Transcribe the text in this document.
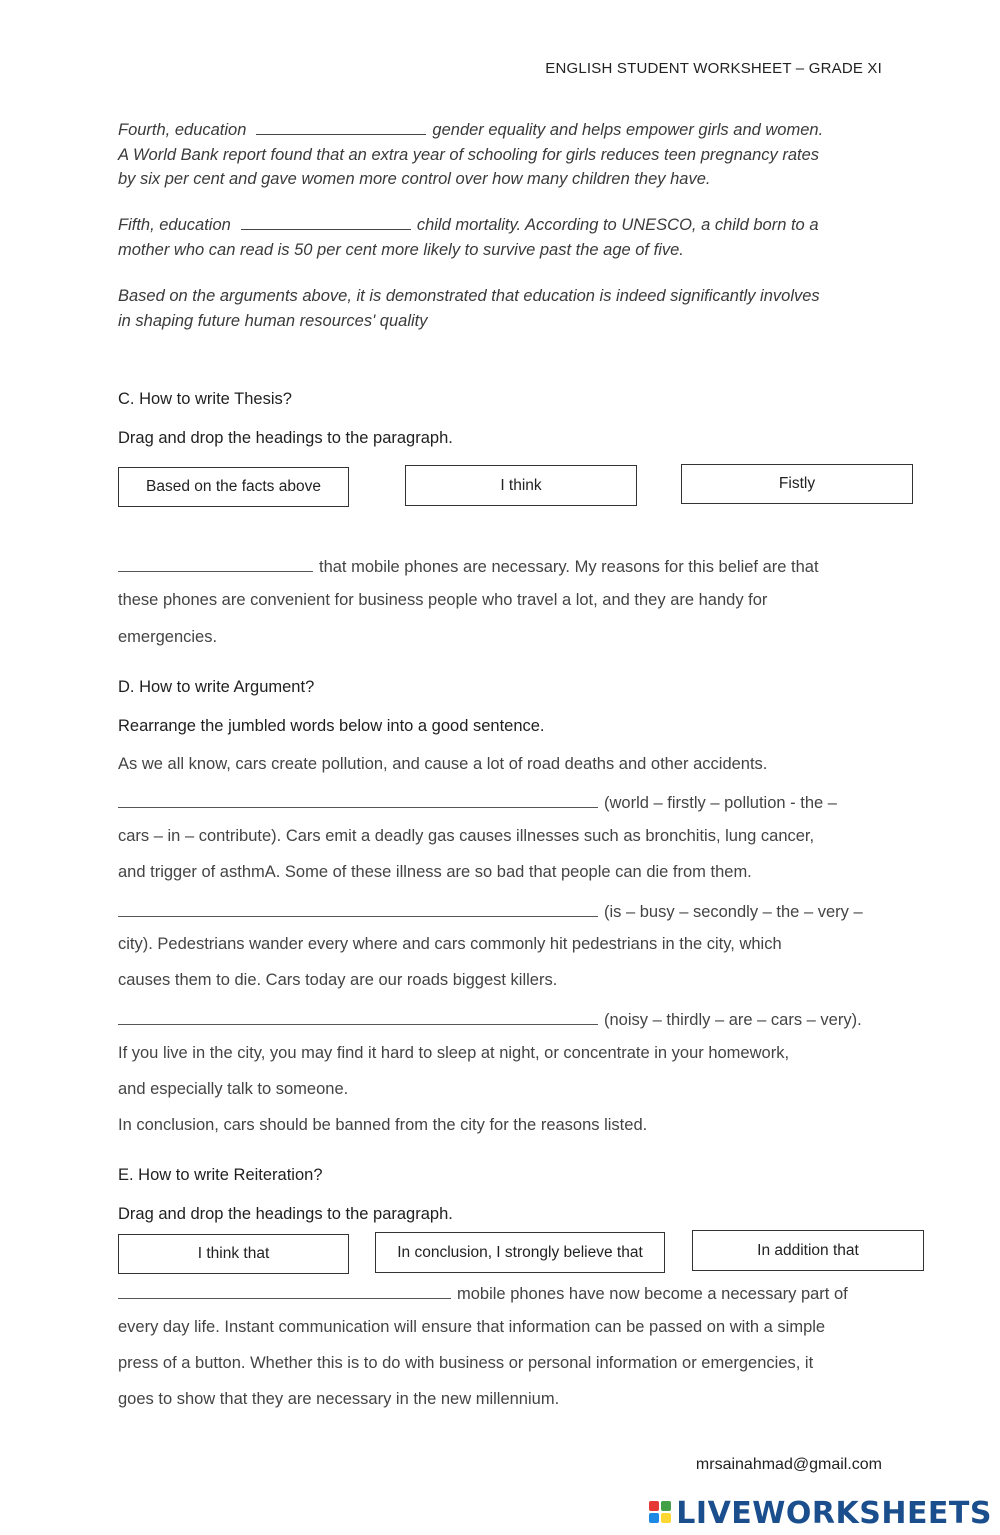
ENGLISH STUDENT WORKSHEET – GRADE XI
Fourth, education	gender equality and helps empower girls and women.
A World Bank report found that an extra year of schooling for girls reduces teen pregnancy rates
by six per cent and gave women more control over how many children they have.
Fifth, education	child mortality. According to UNESCO, a child born to a
mother who can read is 50 per cent more likely to survive past the age of five.
Based on the arguments above, it is demonstrated that education is indeed significantly involves
in shaping future human resources' quality
C. How to write Thesis?
Drag and drop the headings to the paragraph.
Based on the facts above	I think	Fistly
that mobile phones are necessary. My reasons for this belief are that
these phones are convenient for business people who travel a lot, and they are handy for
emergencies.
D. How to write Argument?
Rearrange the jumbled words below into a good sentence.
As we all know, cars create pollution, and cause a lot of road deaths and other accidents.
(world – firstly – pollution - the –
cars – in – contribute). Cars emit a deadly gas causes illnesses such as bronchitis, lung cancer,
and trigger of asthmA. Some of these illness are so bad that people can die from them.
(is – busy – secondly – the – very –
city). Pedestrians wander every where and cars commonly hit pedestrians in the city, which
causes them to die. Cars today are our roads biggest killers.
(noisy – thirdly – are – cars – very).
If you live in the city, you may find it hard to sleep at night, or concentrate in your homework,
and especially talk to someone.
In conclusion, cars should be banned from the city for the reasons listed.
E. How to write Reiteration?
Drag and drop the headings to the paragraph.
I think that	In conclusion, I strongly believe that	In addition that
mobile phones have now become a necessary part of
every day life. Instant communication will ensure that information can be passed on with a simple
press of a button. Whether this is to do with business or personal information or emergencies, it
goes to show that they are necessary in the new millennium.
mrsainahmad@gmail.com
LIVEWORKSHEETS
